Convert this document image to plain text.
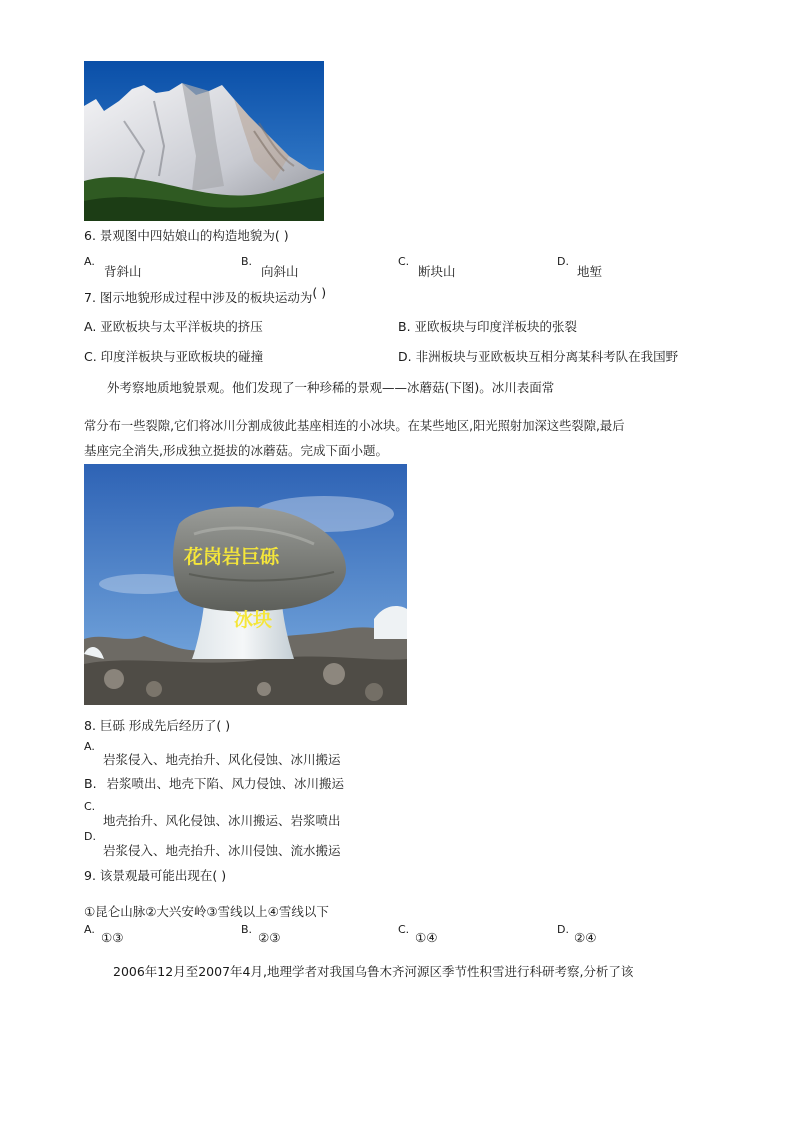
6. 景观图中四姑娘山的构造地貌为( )
A.
背斜山
B.
向斜山
C.
断块山
D.
地堑
7. 图示地貌形成过程中涉及的板块运动为( )
A. 亚欧板块与太平洋板块的挤压	B. 亚欧板块与印度洋板块的张裂
C. 印度洋板块与亚欧板块的碰撞	D. 非洲板块与亚欧板块互相分离某科考队在我国野
外考察地质地貌景观。他们发现了一种珍稀的景观——冰蘑菇(下图)。冰川表面常
常分布一些裂隙,它们将冰川分割成彼此基座相连的小冰块。在某些地区,阳光照射加深这些裂隙,最后
基座完全消失,形成独立挺拔的冰蘑菇。完成下面小题。
花岗岩巨砾
冰块
8. 巨砾 形成先后经历了( )
A.
岩浆侵入、地壳抬升、风化侵蚀、冰川搬运
B. 岩浆喷出、地壳下陷、风力侵蚀、冰川搬运
C.
地壳抬升、风化侵蚀、冰川搬运、岩浆喷出
D.
岩浆侵入、地壳抬升、冰川侵蚀、流水搬运
9. 该景观最可能出现在( )
①昆仑山脉②大兴安岭③雪线以上④雪线以下
A.
①③
B.
②③
C.
①④
D.
②④
2006年12月至2007年4月,地理学者对我国乌鲁木齐河源区季节性积雪进行科研考察,分析了该
